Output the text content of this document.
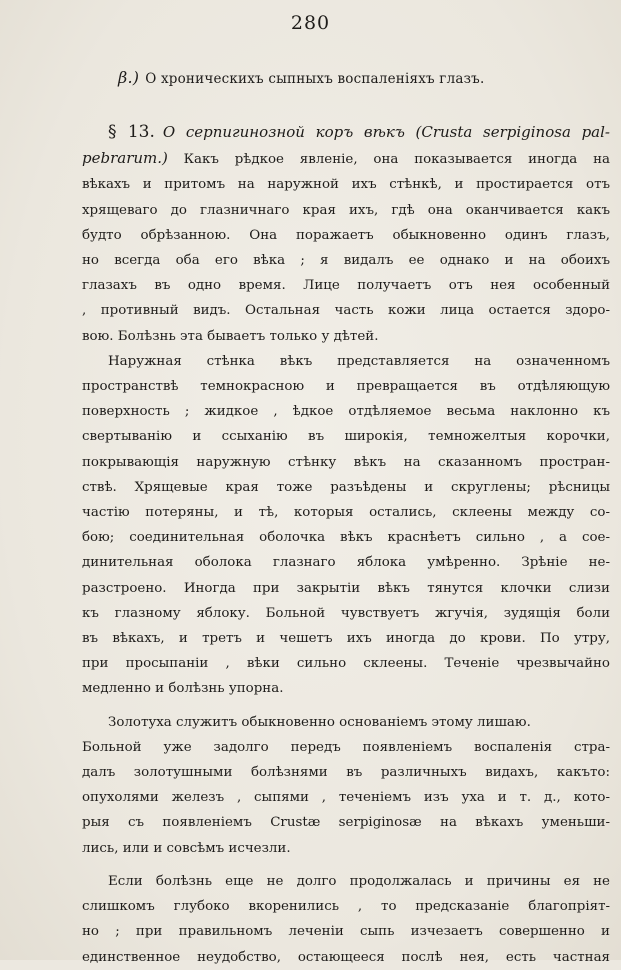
280
β.) О хроническихъ сыпныхъ воспаленіяхъ глазъ.
§ 13. О серпигинозной коръ вѣкъ (Crusta serpiginosa pal-
pebrarum.) Какъ рѣдкое явленіе, она показывается иногда на
вѣкахъ и притомъ на наружной ихъ стѣнкѣ, и простирается отъ
хрящеваго до глазничнаго края ихъ, гдѣ она оканчивается какъ
будто обрѣзанною. Она поражаетъ обыкновенно одинъ глазъ,
но всегда оба его вѣка ; я видалъ ее однако и на обоихъ
глазахъ въ одно время. Лице получаетъ отъ нея особенный
, противный видъ. Остальная часть кожи лица остается здоро-
вою. Болѣзнь эта бываетъ только у дѣтей.
Наружная стѣнка вѣкъ представляется на означенномъ
пространствѣ темнокрасною и превращается въ отдѣляющую
поверхность ; жидкое , ѣдкое отдѣляемое весьма наклонно къ
свертыванію и ссыханію въ широкія, темножелтыя корочки,
покрывающія наружную стѣнку вѣкъ на сказанномъ простран-
ствѣ. Хрящевые края тоже разъѣдены и скруглены; рѣсницы
частію потеряны, и тѣ, которыя остались, склеены между со-
бою; соединительная оболочка вѣкъ краснѣетъ сильно , а сое-
динительная оболока глазнаго яблока умѣренно. Зрѣніе не-
разстроено. Иногда при закрытіи вѣкъ тянутся клочки слизи
къ глазному яблоку. Больной чувствуетъ жгучія, зудящія боли
въ вѣкахъ, и третъ и чешетъ ихъ иногда до крови. По утру,
при просыпаніи , вѣки сильно склеены. Теченіе чрезвычайно
медленно и болѣзнь упорна.
Золотуха служитъ обыкновенно основаніемъ этому лишаю.
Больной уже задолго передъ появленіемъ воспаленія стра-
далъ золотушными болѣзнями въ различныхъ видахъ, какъто:
опухолями железъ , сыпями , теченіемъ изъ уха и т. д., кото-
рыя съ появленіемъ Crustæ serpiginosæ на вѣкахъ уменьши-
лись, или и совсѣмъ исчезли.
Если болѣзнь еще не долго продолжалась и причины ея не
слишкомъ глубоко вкоренились , то предсказаніе благопріят-
но ; при правильномъ леченіи сыпь изчезаетъ совершенно и
единственное неудобство, остающееся послѣ нея, есть частная
